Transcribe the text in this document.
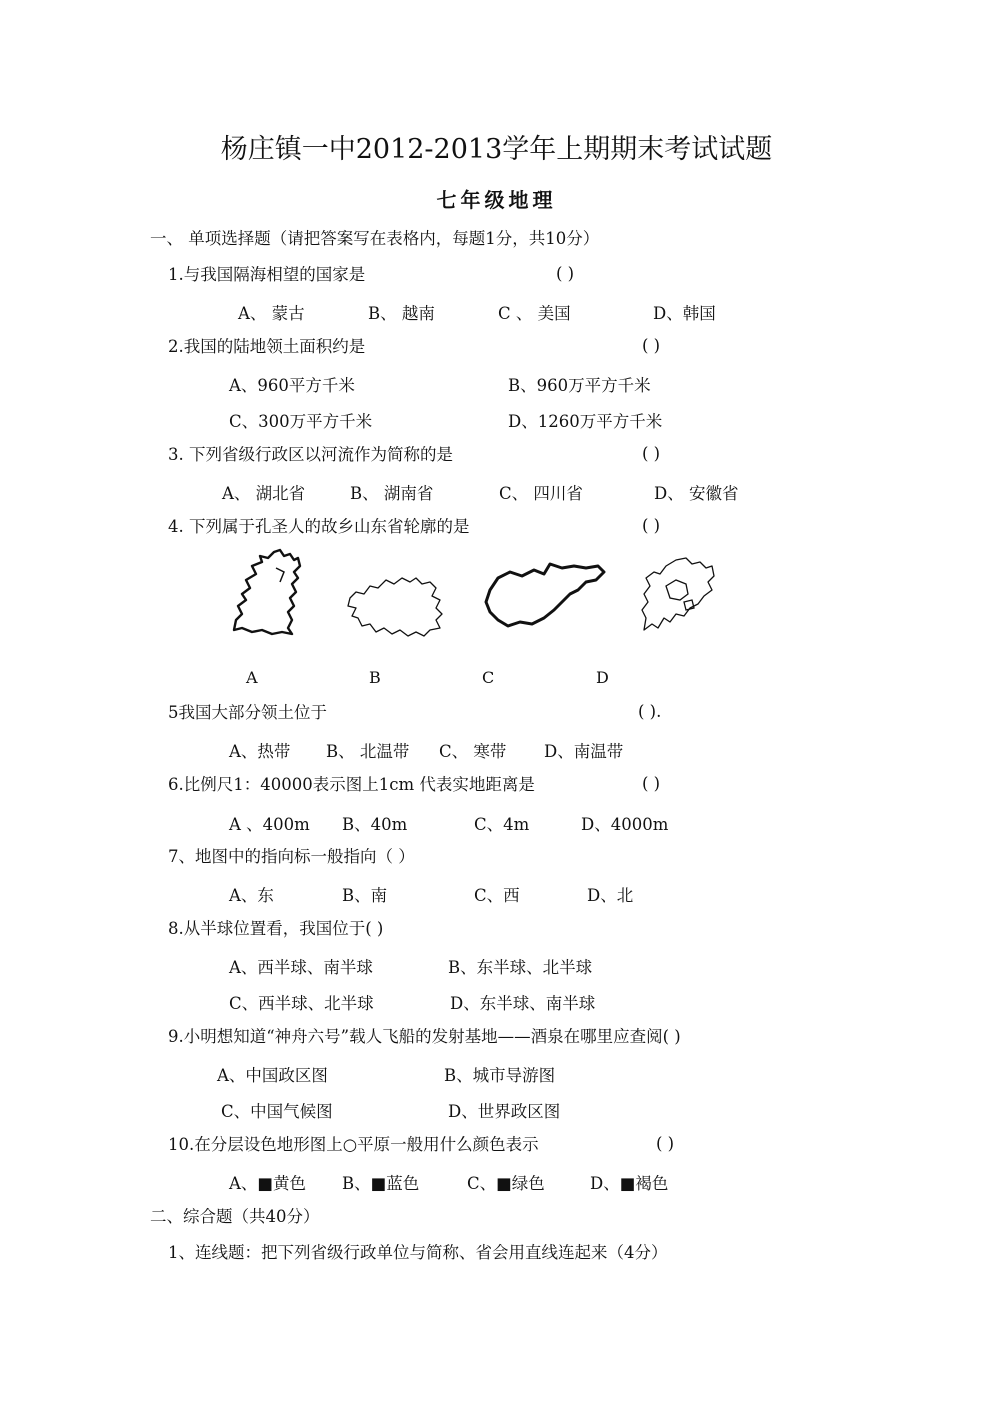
杨庄镇一中2012-2013学年上期期末考试试题
七年级地理
一、 单项选择题（请把答案写在表格内，每题1分，共10分）
1.与我国隔海相望的国家是	( )
A、 蒙古	B、 越南	C 、 美国	D、韩国
2.我国的陆地领土面积约是	( )
A、960平方千米	B、960万平方千米
C、300万平方千米	D、1260万平方千米
3. 下列省级行政区以河流作为简称的是	( )
A、 湖北省	B、 湖南省	C、 四川省	D、 安徽省
4. 下列属于孔圣人的故乡山东省轮廓的是	( )
A	B	C	D
5我国大部分领土位于	( ).
A、热带 B、 北温带 C、 寒带 D、南温带
6.比例尺1：40000表示图上1cm 代表实地距离是	( )
A 、400m B、40m	C、4m	D、4000m
7、地图中的指向标一般指向（ ）
A、东	B、南	C、西	D、北
8.从半球位置看，我国位于( )
A、西半球、南半球	B、东半球、北半球
C、西半球、北半球	D、东半球、南半球
9.小明想知道“神舟六号”载人飞船的发射基地——酒泉在哪里应查阅( )
A、中国政区图	B、城市导游图
C、中国气候图	D、世界政区图
10.在分层设色地形图上○平原一般用什么颜色表示	( )
A、■黄色 B、■蓝色	C、■绿色	D、■褐色
二、综合题（共40分）
1、连线题：把下列省级行政单位与简称、省会用直线连起来（4分）
